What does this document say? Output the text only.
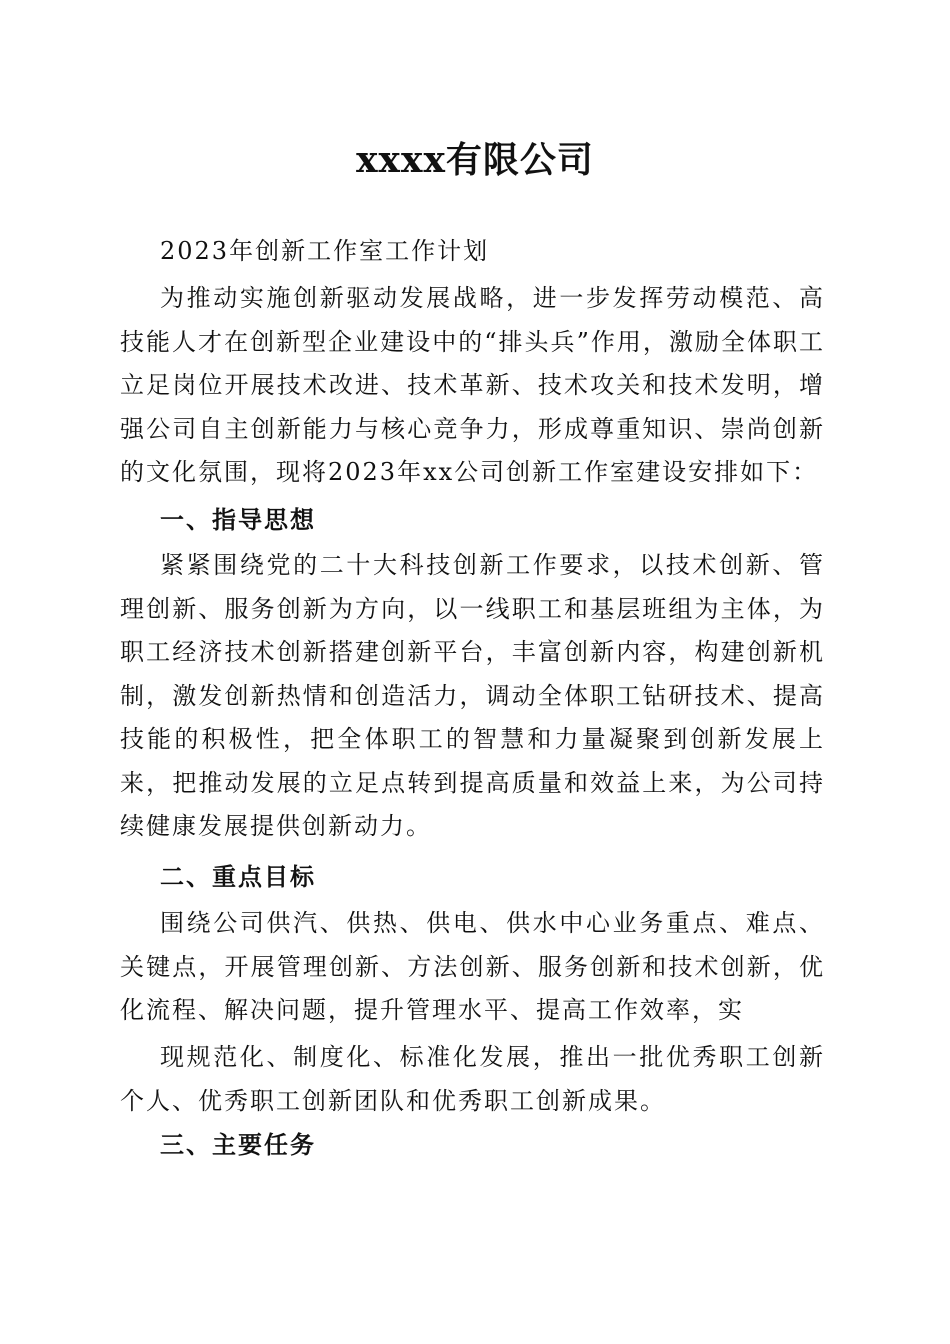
xxxx有限公司

2023年创新工作室工作计划

为推动实施创新驱动发展战略，进一步发挥劳动模范、高技能人才在创新型企业建设中的“排头兵”作用，激励全体职工立足岗位开展技术改进、技术革新、技术攻关和技术发明，增强公司自主创新能力与核心竞争力，形成尊重知识、崇尚创新的文化氛围，现将2023年xx公司创新工作室建设安排如下：

一、指导思想

紧紧围绕党的二十大科技创新工作要求，以技术创新、管理创新、服务创新为方向，以一线职工和基层班组为主体，为职工经济技术创新搭建创新平台，丰富创新内容，构建创新机制，激发创新热情和创造活力，调动全体职工钻研技术、提高技能的积极性，把全体职工的智慧和力量凝聚到创新发展上来，把推动发展的立足点转到提高质量和效益上来，为公司持续健康发展提供创新动力。

二、重点目标

围绕公司供汽、供热、供电、供水中心业务重点、难点、关键点，开展管理创新、方法创新、服务创新和技术创新，优化流程、解决问题，提升管理水平、提高工作效率，实

现规范化、制度化、标准化发展，推出一批优秀职工创新个人、优秀职工创新团队和优秀职工创新成果。

三、主要任务
